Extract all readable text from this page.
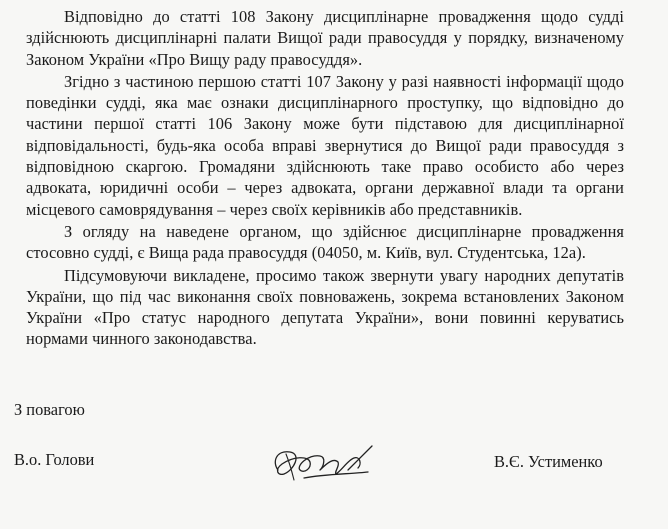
Відповідно до статті 108 Закону дисциплінарне провадження щодо судді здійснюють дисциплінарні палати Вищої ради правосуддя у порядку, визначеному Законом України «Про Вищу раду правосуддя».

Згідно з частиною першою статті 107 Закону у разі наявності інформації щодо поведінки судді, яка має ознаки дисциплінарного проступку, що відповідно до частини першої статті 106 Закону може бути підставою для дисциплінарної відповідальності, будь-яка особа вправі звернутися до Вищої ради правосуддя з відповідною скаргою. Громадяни здійснюють таке право особисто або через адвоката, юридичні особи – через адвоката, органи державної влади та органи місцевого самоврядування – через своїх керівників або представників.

З огляду на наведене органом, що здійснює дисциплінарне провадження стосовно судді, є Вища рада правосуддя (04050, м. Київ, вул. Студентська, 12а).

Підсумовуючи викладене, просимо також звернути увагу народних депутатів України, що під час виконання своїх повноважень, зокрема встановлених Законом України «Про статус народного депутата України», вони повинні керуватись нормами чинного законодавства.

З повагою
В.о. Голови	В.Є. Устименко
